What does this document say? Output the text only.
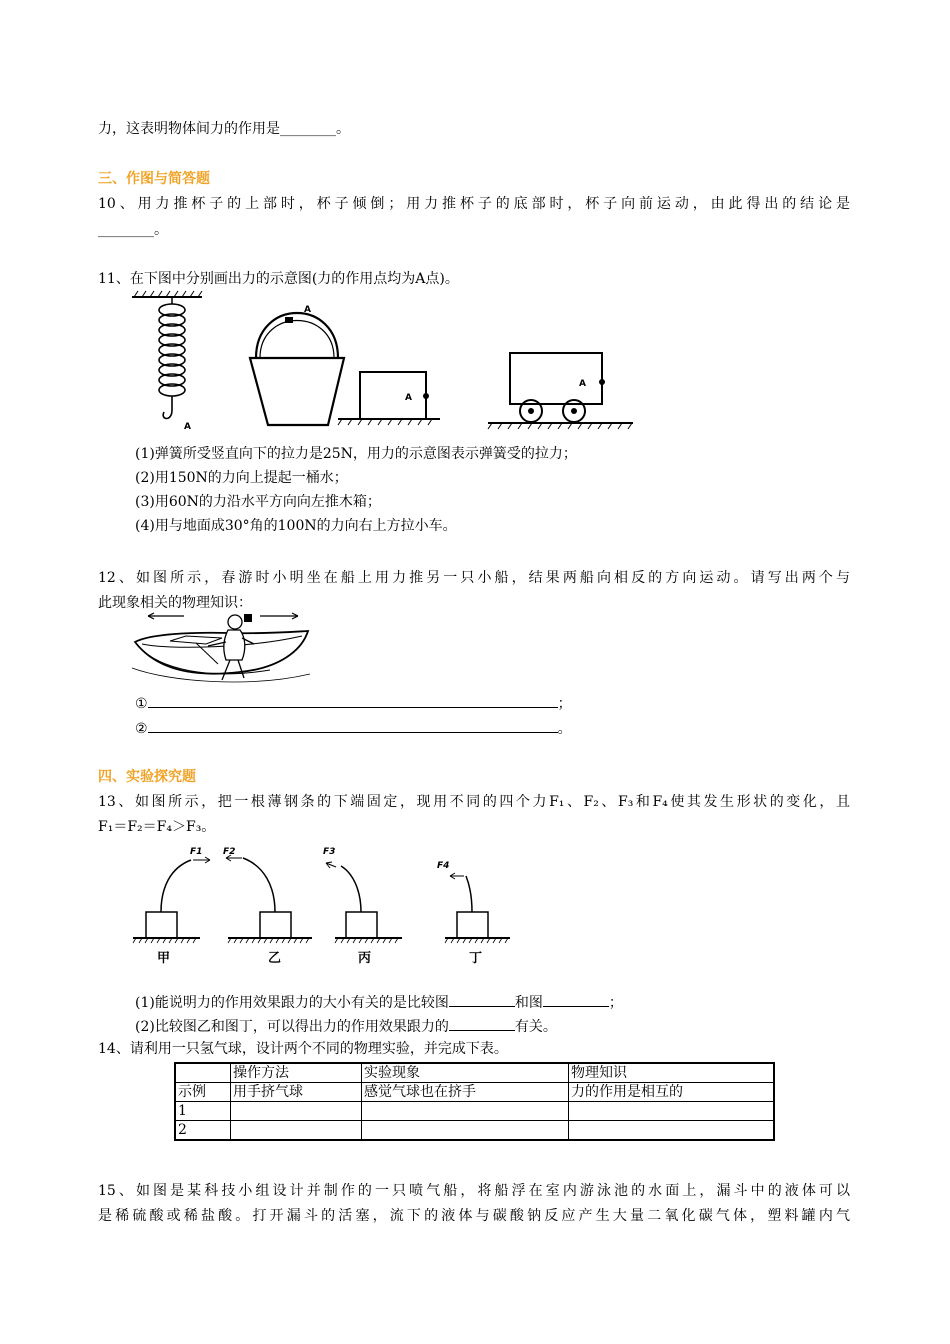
力，这表明物体间力的作用是________。
三、作图与简答题
10、用力推杯子的上部时，杯子倾倒；用力推杯子的底部时，杯子向前运动，由此得出的结论是
________。
11、在下图中分别画出力的示意图(力的作用点均为A点)。
A
A
A
A
(1)弹簧所受竖直向下的拉力是25N，用力的示意图表示弹簧受的拉力；
(2)用150N的力向上提起一桶水；
(3)用60N的力沿水平方向向左推木箱；
(4)用与地面成30°角的100N的力向右上方拉小车。
12、如图所示，春游时小明坐在船上用力推另一只小船，结果两船向相反的方向运动。请写出两个与
此现象相关的物理知识：
①	；
②	。
四、实验探究题
13、如图所示，把一根薄钢条的下端固定，现用不同的四个力F₁、F₂、F₃和F₄使其发生形状的变化，且
F₁＝F₂＝F₄＞F₃。
F1 F2	F3
F4
甲	乙	丙	丁
(1)能说明力的作用效果跟力的大小有关的是比较图	和图	；
(2)比较图乙和图丁，可以得出力的作用效果跟力的	有关。
14、请利用一只氢气球，设计两个不同的物理实验，并完成下表。
	操作方法	实验现象	物理知识
示例	用手挤气球	感觉气球也在挤手	力的作用是相互的
1			
2			
15、如图是某科技小组设计并制作的一只喷气船，将船浮在室内游泳池的水面上，漏斗中的液体可以
是稀硫酸或稀盐酸。打开漏斗的活塞，流下的液体与碳酸钠反应产生大量二氧化碳气体，塑料罐内气
